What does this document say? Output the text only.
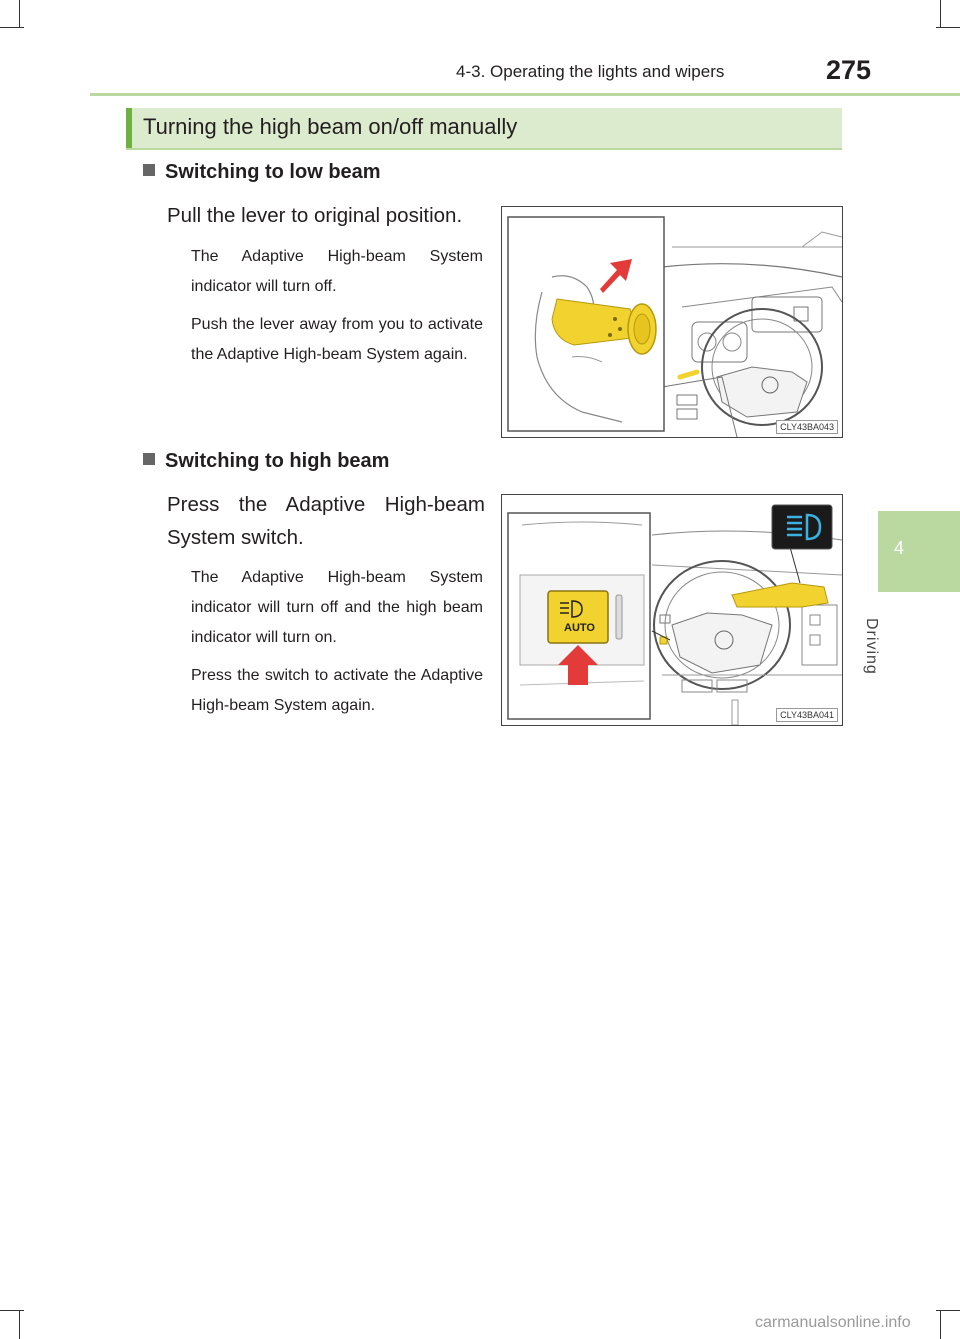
4-3. Operating the lights and wipers	275
4
Driving
Turning the high beam on/off manually
Switching to low beam
Pull the lever to original position.
The Adaptive High-beam System indicator will turn off.
Push the lever away from you to activate the Adaptive High-beam System again.
CLY43BA043
Switching to high beam
Press the Adaptive High-beam System switch.
The Adaptive High-beam System indicator will turn off and the high beam indicator will turn on.
Press the switch to activate the Adaptive High-beam System again.
AUTO
CLY43BA041
carmanualsonline.info
